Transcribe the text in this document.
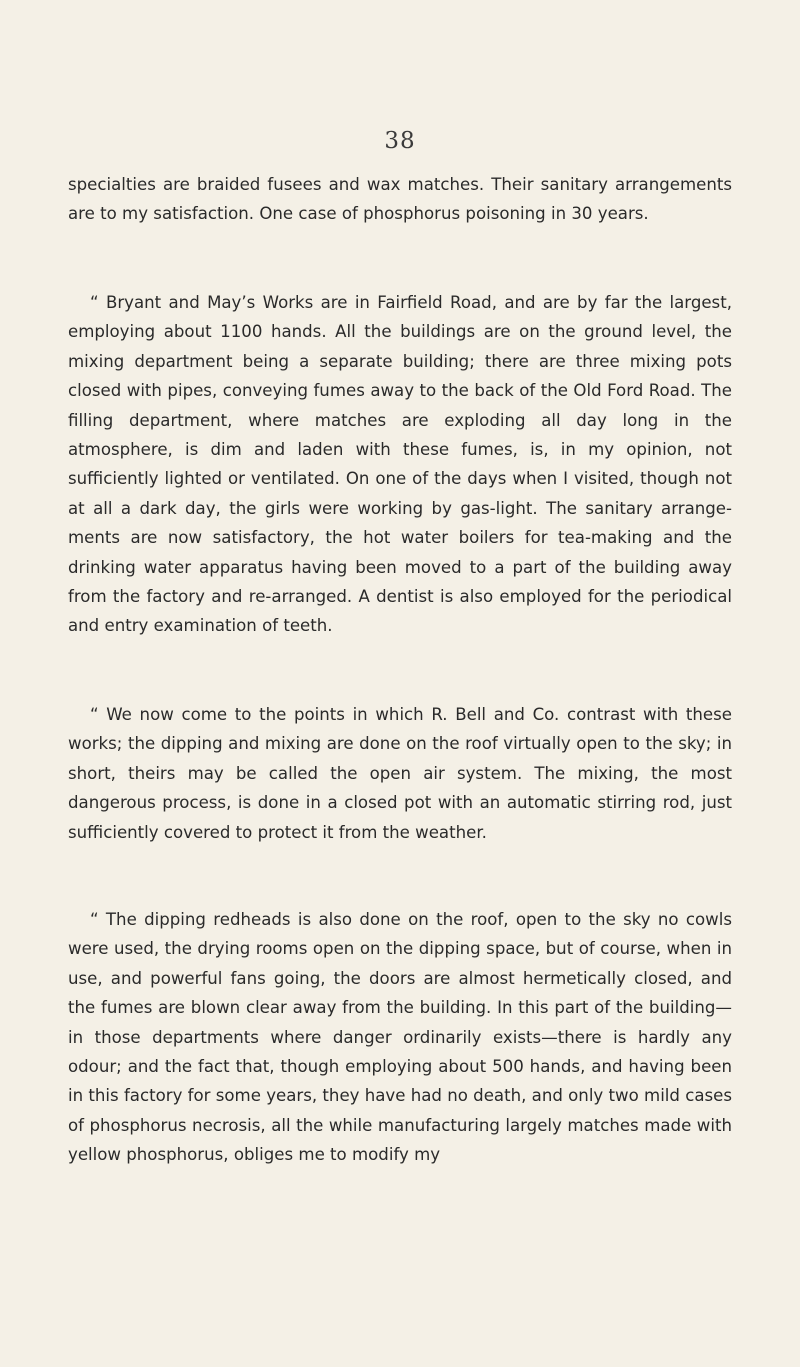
38

specialties are braided fusees and wax matches. Their sanitary arrangements are to my satisfaction. One case of phosphorus poisoning in 30 years.

“ Bryant and May’s Works are in Fairfield Road, and are by far the largest, employing about 1100 hands. All the buildings are on the ground level, the mixing department being a separate building; there are three mixing pots closed with pipes, conveying fumes away to the back of the Old Ford Road. The filling department, where matches are exploding all day long in the atmosphere, is dim and laden with these fumes, is, in my opinion, not sufficiently lighted or ventilated. On one of the days when I visited, though not at all a dark day, the girls were working by gas-light. The sanitary arrange-ments are now satisfactory, the hot water boilers for tea-making and the drinking water apparatus having been moved to a part of the building away from the factory and re-arranged. A dentist is also employed for the periodical and entry examination of teeth.

“ We now come to the points in which R. Bell and Co. contrast with these works; the dipping and mixing are done on the roof virtually open to the sky; in short, theirs may be called the open air system. The mixing, the most dangerous process, is done in a closed pot with an automatic stirring rod, just sufficiently covered to protect it from the weather.

“ The dipping redheads is also done on the roof, open to the sky no cowls were used, the drying rooms open on the dipping space, but of course, when in use, and powerful fans going, the doors are almost hermetically closed, and the fumes are blown clear away from the building. In this part of the building—in those departments where danger ordinarily exists—there is hardly any odour; and the fact that, though employing about 500 hands, and having been in this factory for some years, they have had no death, and only two mild cases of phosphorus necrosis, all the while manufacturing largely matches made with yellow phosphorus, obliges me to modify my
